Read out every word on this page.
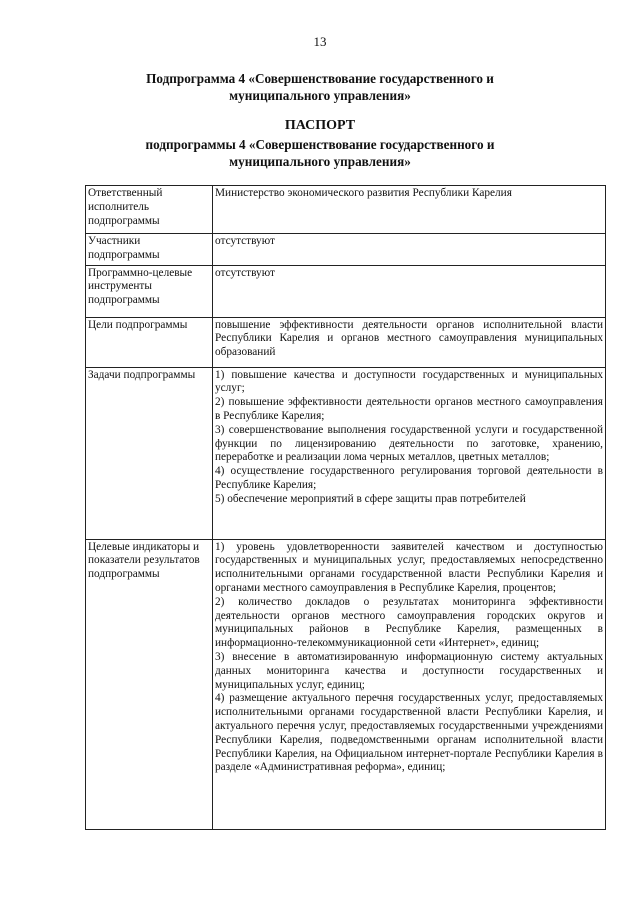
13
Подпрограмма 4 «Совершенствование государственного и
муниципального управления»
ПАСПОРТ
подпрограммы 4 «Совершенствование государственного и
муниципального управления»
Ответственный исполнитель подпрограммы	Министерство экономического развития Республики Карелия

Участники подпрограммы	отсутствуют

Программно-целевые инструменты подпрограммы	отсутствуют

Цели подпрограммы	повышение эффективности деятельности органов исполнительной власти Республики Карелия и органов местного самоуправления муниципальных образований

Задачи подпрограммы	1) повышение качества и доступности государственных и муниципальных услуг;
2) повышение эффективности деятельности органов местного самоуправления в Республике Карелия;
3) совершенствование выполнения государственной услуги и государственной функции по лицензированию деятельности по заготовке, хранению, переработке и реализации лома черных металлов, цветных металлов;
4) осуществление государственного регулирования торговой деятельности в Республике Карелия;
5) обеспечение мероприятий в сфере защиты прав потребителей

Целевые индикаторы и показатели результатов подпрограммы	1) уровень удовлетворенности заявителей качеством и доступностью государственных и муниципальных услуг, предоставляемых непосредственно исполнительными органами государственной власти Республики Карелия и органами местного самоуправления в Республике Карелия, процентов;
2) количество докладов о результатах мониторинга эффективности деятельности органов местного самоуправления городских округов и муниципальных районов в Республике Карелия, размещенных в информационно-телекоммуникационной сети «Интернет», единиц;
3) внесение в автоматизированную информационную систему актуальных данных мониторинга качества и доступности государственных и муниципальных услуг, единиц;
4) размещение актуального перечня государственных услуг, предоставляемых исполнительными органами государственной власти Республики Карелия, и актуального перечня услуг, предоставляемых государственными учреждениями Республики Карелия, подведомственными органам исполнительной власти Республики Карелия, на Официальном интернет-портале Республики Карелия в разделе «Административная реформа», единиц;
